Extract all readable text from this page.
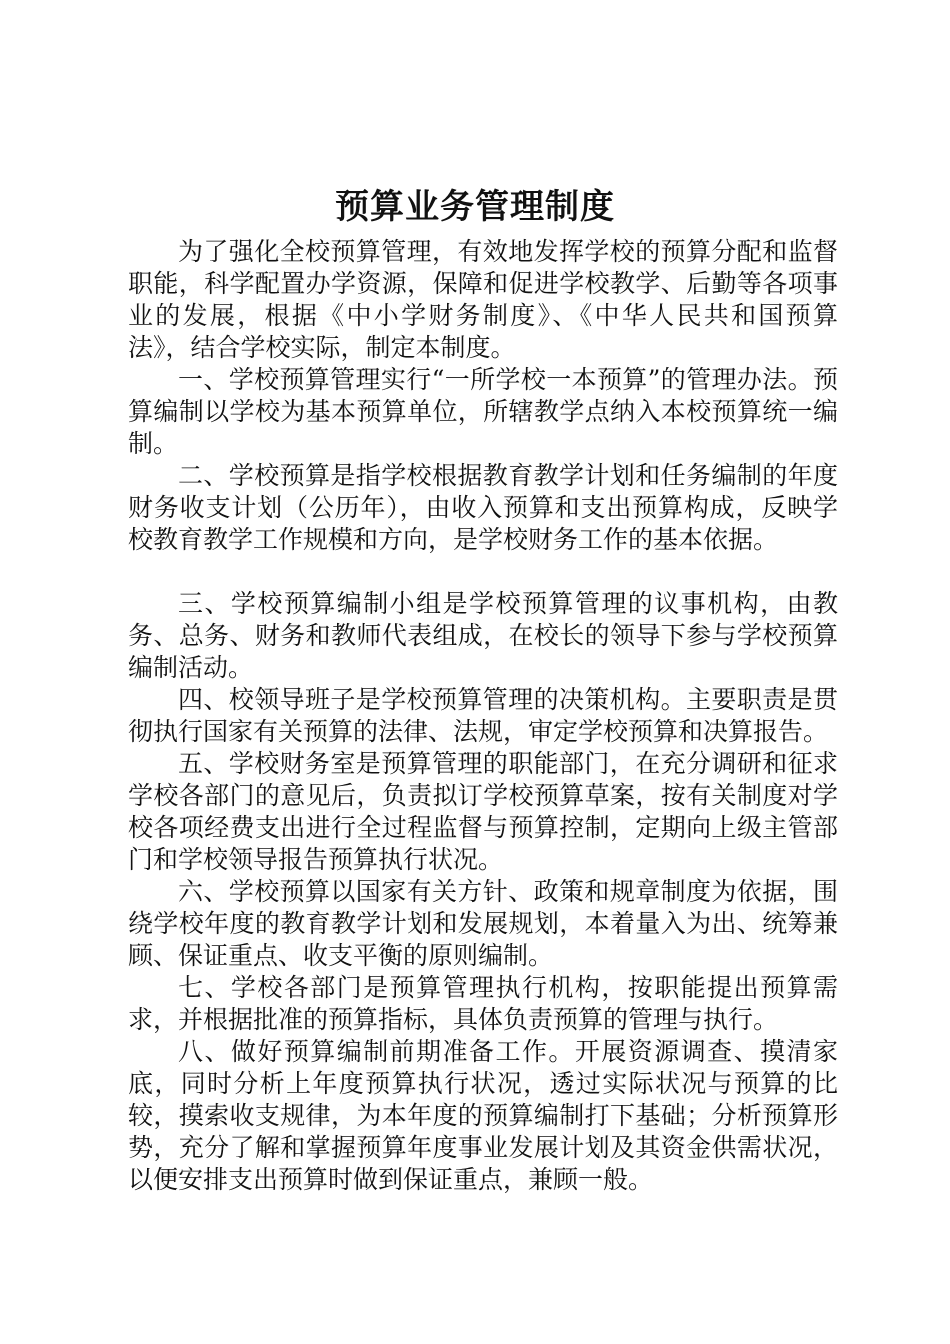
预算业务管理制度

为了强化全校预算管理，有效地发挥学校的预算分配和监督职能，科学配置办学资源，保障和促进学校教学、后勤等各项事业的发展，根据《中小学财务制度》、《中华人民共和国预算法》，结合学校实际，制定本制度。

一、学校预算管理实行“一所学校一本预算”的管理办法。预算编制以学校为基本预算单位，所辖教学点纳入本校预算统一编制。

二、学校预算是指学校根据教育教学计划和任务编制的年度财务收支计划（公历年），由收入预算和支出预算构成，反映学校教育教学工作规模和方向，是学校财务工作的基本依据。

三、学校预算编制小组是学校预算管理的议事机构，由教务、总务、财务和教师代表组成，在校长的领导下参与学校预算编制活动。

四、校领导班子是学校预算管理的决策机构。主要职责是贯彻执行国家有关预算的法律、法规，审定学校预算和决算报告。

五、学校财务室是预算管理的职能部门，在充分调研和征求学校各部门的意见后，负责拟订学校预算草案，按有关制度对学校各项经费支出进行全过程监督与预算控制，定期向上级主管部门和学校领导报告预算执行状况。

六、学校预算以国家有关方针、政策和规章制度为依据，围绕学校年度的教育教学计划和发展规划，本着量入为出、统筹兼顾、保证重点、收支平衡的原则编制。

七、学校各部门是预算管理执行机构，按职能提出预算需求，并根据批准的预算指标，具体负责预算的管理与执行。

八、做好预算编制前期准备工作。开展资源调查、摸清家底，同时分析上年度预算执行状况，透过实际状况与预算的比较，摸索收支规律，为本年度的预算编制打下基础；分析预算形势，充分了解和掌握预算年度事业发展计划及其资金供需状况，以便安排支出预算时做到保证重点，兼顾一般。
